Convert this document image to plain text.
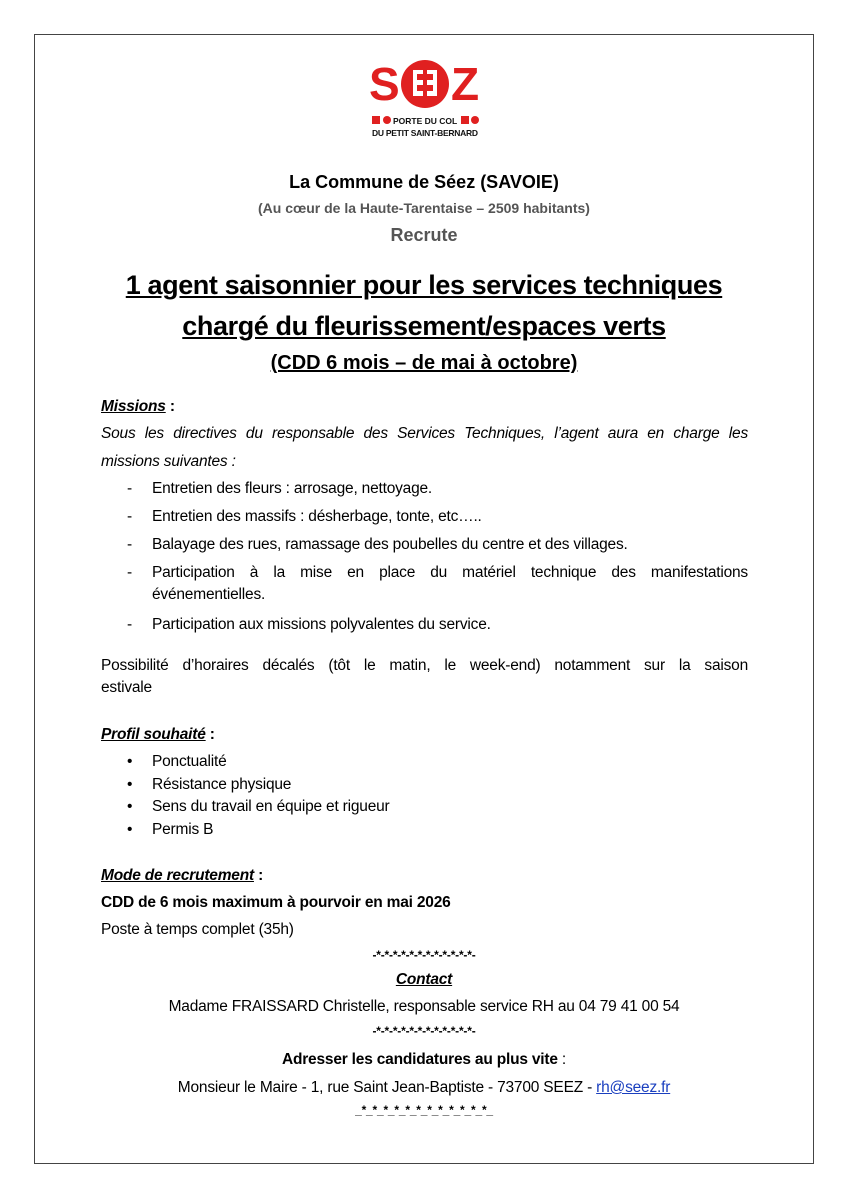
S Z
PORTE DU COL
DU PETIT SAINT-BERNARD
La Commune de Séez (SAVOIE)
(Au cœur de la Haute-Tarentaise – 2509 habitants)
Recrute
1 agent saisonnier pour les services techniques
chargé du fleurissement/espaces verts
(CDD 6 mois – de mai à octobre)
Missions :
Sous les directives du responsable des Services Techniques, l’agent aura en charge les
missions suivantes :
- Entretien des fleurs : arrosage, nettoyage.
- Entretien des massifs : désherbage, tonte, etc…..
- Balayage des rues, ramassage des poubelles du centre et des villages.
- Participation à la mise en place du matériel technique des manifestations
événementielles.
- Participation aux missions polyvalentes du service.
Possibilité d’horaires décalés (tôt le matin, le week-end) notamment sur la saison
estivale
Profil souhaité :
• Ponctualité
• Résistance physique
• Sens du travail en équipe et rigueur
• Permis B
Mode de recrutement :
CDD de 6 mois maximum à pourvoir en mai 2026
Poste à temps complet (35h)
-*-*-*-*-*-*-*-*-*-*-*-*-
Contact
Madame FRAISSARD Christelle, responsable service RH au 04 79 41 00 54
-*-*-*-*-*-*-*-*-*-*-*-*-
Adresser les candidatures au plus vite :
Monsieur le Maire - 1, rue Saint Jean-Baptiste - 73700 SEEZ - rh@seez.fr
_*_*_*_*_*_*_*_*_*_*_*_*_
